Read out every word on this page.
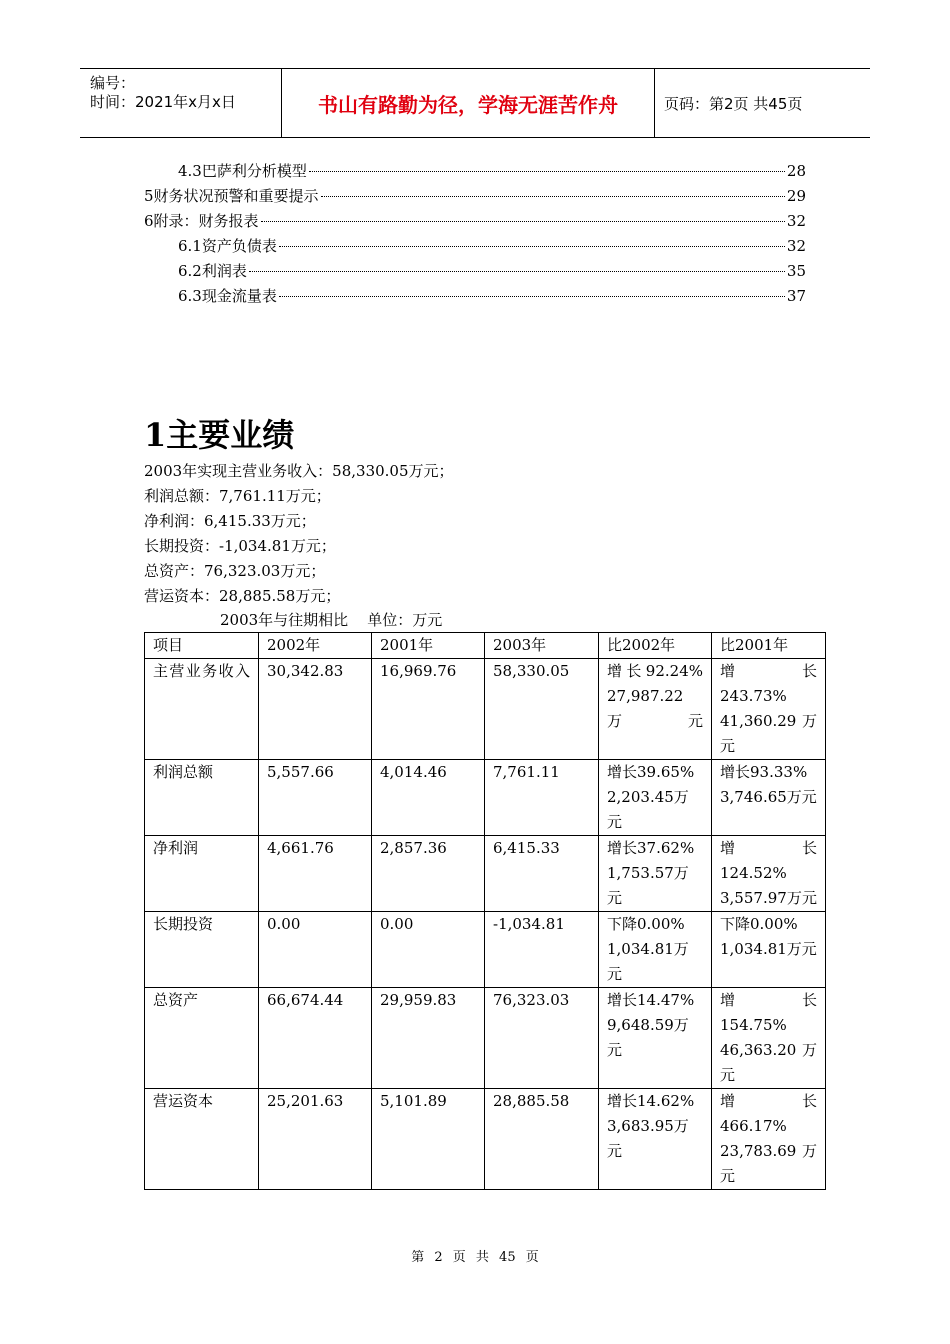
编号：
时间：2021年x月x日	书山有路勤为径，学海无涯苦作舟	页码：第2页 共45页
4.3巴萨利分析模型	28
5财务状况预警和重要提示	29
6附录：财务报表	32
6.1资产负债表	32
6.2利润表	35
6.3现金流量表	37
1主要业绩
2003年实现主营业务收入：58,330.05万元；
利润总额：7,761.11万元；
净利润：6,415.33万元；
长期投资：-1,034.81万元；
总资产：76,323.03万元；
营运资本：28,885.58万元；
2003年与往期相比    单位：万元
项目	2002年	2001年	2003年	比2002年	比2001年
主营业务收入	30,342.83	16,969.76	58,330.05	增长92.24% 27,987.22 万元	增长 243.73% 41,360.29 万元
利润总额	5,557.66	4,014.46	7,761.11	增长39.65% 2,203.45万元	增长93.33% 3,746.65万元
净利润	4,661.76	2,857.36	6,415.33	增长37.62% 1,753.57万元	增长 124.52% 3,557.97万元
长期投资	0.00	0.00	-1,034.81	下降0.00% 1,034.81万元	下降0.00% 1,034.81万元
总资产	66,674.44	29,959.83	76,323.03	增长14.47% 9,648.59万元	增长 154.75% 46,363.20 万元
营运资本	25,201.63	5,101.89	28,885.58	增长14.62% 3,683.95万元	增长 466.17% 23,783.69 万元
第 2 页 共 45 页
